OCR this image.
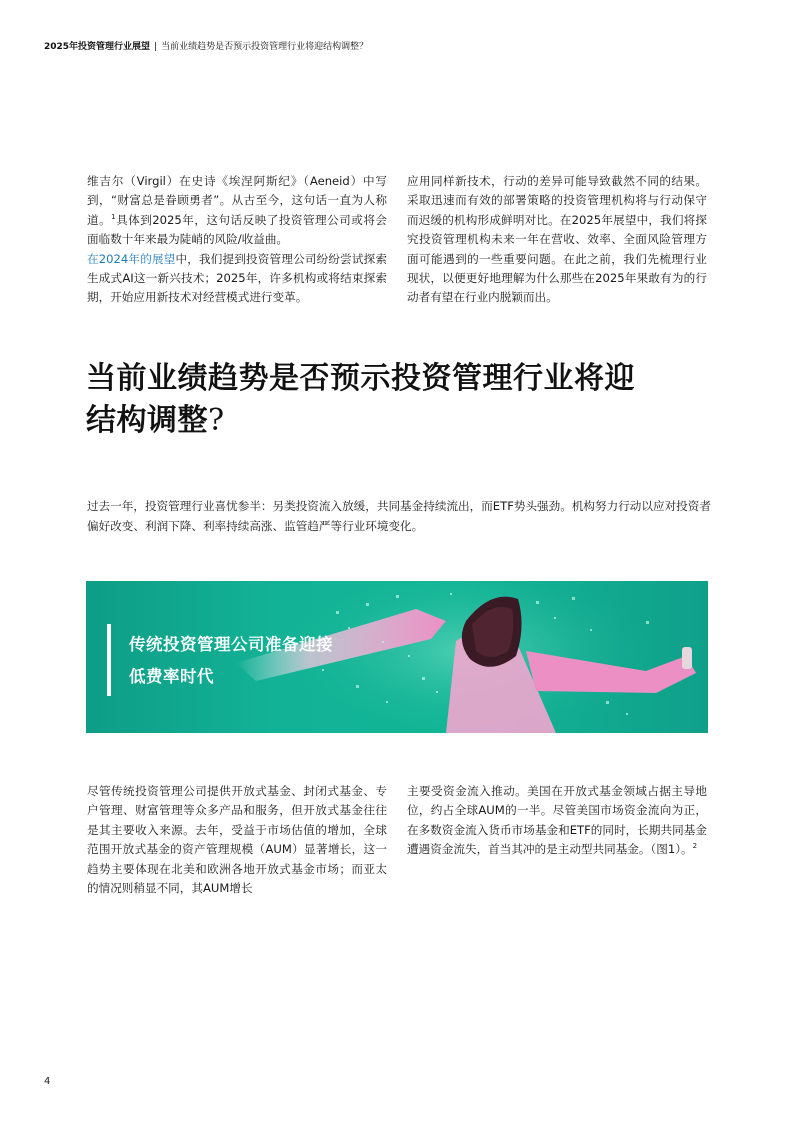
2025年投资管理行业展望 | 当前业绩趋势是否预示投资管理行业将迎结构调整？

维吉尔（Virgil）在史诗《埃涅阿斯纪》（Aeneid）中写到，“财富总是眷顾勇者”。从古至今，这句话一直为人称道。$^1$具体到2025年，这句话反映了投资管理公司或将会面临数十年来最为陡峭的风险/收益曲。
在2024年的展望中，我们提到投资管理公司纷纷尝试探索生成式AI这一新兴技术；2025年，许多机构或将结束探索期，开始应用新技术对经营模式进行变革。

应用同样新技术，行动的差异可能导致截然不同的结果。采取迅速而有效的部署策略的投资管理机构将与行动保守而迟缓的机构形成鲜明对比。在2025年展望中，我们将探究投资管理机构未来一年在营收、效率、全面风险管理方面可能遇到的一些重要问题。在此之前，我们先梳理行业现状，以便更好地理解为什么那些在2025年果敢有为的行动者有望在行业内脱颖而出。

当前业绩趋势是否预示投资管理行业将迎
结构调整?

过去一年，投资管理行业喜忧参半：另类投资流入放缓，共同基金持续流出，而ETF势头强劲。机构努力行动以应对投资者偏好改变、利润下降、利率持续高涨、监管趋严等行业环境变化。

传统投资管理公司准备迎接
低费率时代

尽管传统投资管理公司提供开放式基金、封闭式基金、专户管理、财富管理等众多产品和服务，但开放式基金往往是其主要收入来源。去年，受益于市场估值的增加，全球范围开放式基金的资产管理规模（AUM）显著增长，这一趋势主要体现在北美和欧洲各地开放式基金市场；而亚太的情况则稍显不同，其AUM增长

主要受资金流入推动。美国在开放式基金领域占据主导地位，约占全球AUM的一半。尽管美国市场资金流向为正，在多数资金流入货币市场基金和ETF的同时，长期共同基金遭遇资金流失，首当其冲的是主动型共同基金。（图1）。$^2$

4
